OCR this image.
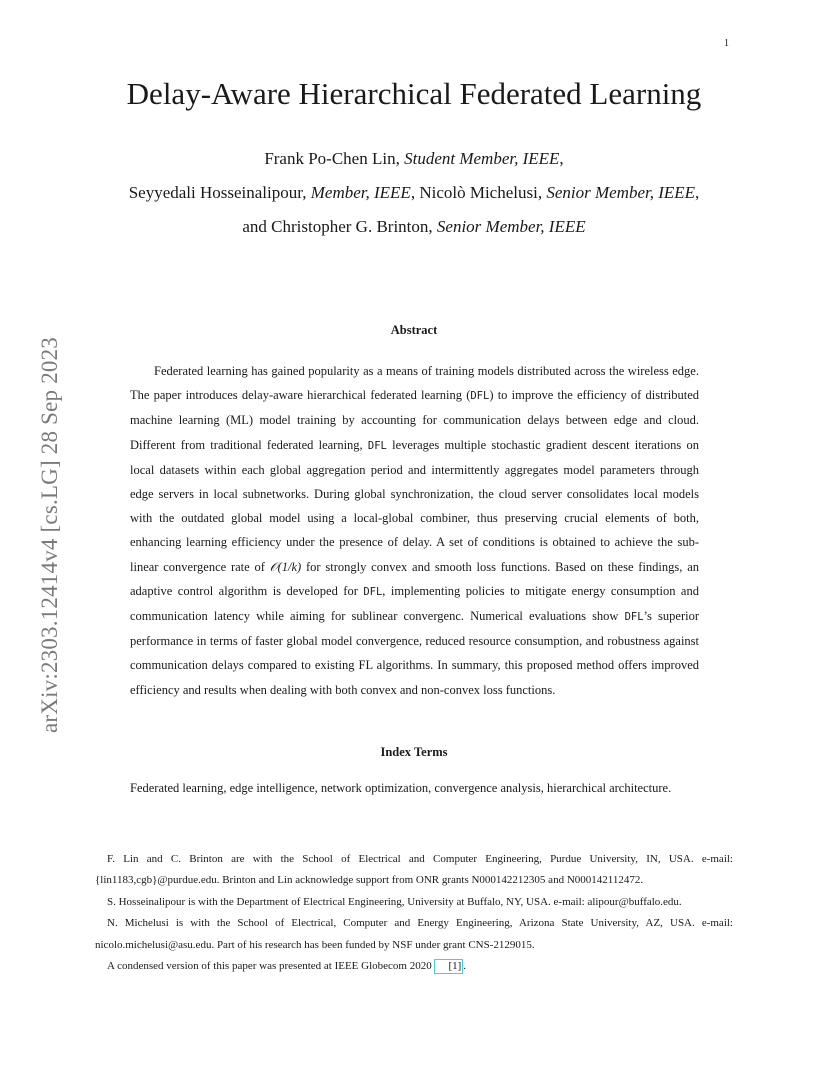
1
arXiv:2303.12414v4 [cs.LG] 28 Sep 2023
Delay-Aware Hierarchical Federated Learning
Frank Po-Chen Lin, Student Member, IEEE,
Seyyedali Hosseinalipour, Member, IEEE, Nicolò Michelusi, Senior Member, IEEE,
and Christopher G. Brinton, Senior Member, IEEE
Abstract

Federated learning has gained popularity as a means of training models distributed across the wireless edge. The paper introduces delay-aware hierarchical federated learning (DFL) to improve the efficiency of distributed machine learning (ML) model training by accounting for communication delays between edge and cloud. Different from traditional federated learning, DFL leverages multiple stochastic gradient descent iterations on local datasets within each global aggregation period and intermittently aggregates model parameters through edge servers in local subnetworks. During global synchronization, the cloud server consolidates local models with the outdated global model using a local-global combiner, thus preserving crucial elements of both, enhancing learning efficiency under the presence of delay. A set of conditions is obtained to achieve the sub-linear convergence rate of 𝒪(1/k) for strongly convex and smooth loss functions. Based on these findings, an adaptive control algorithm is developed for DFL, implementing policies to mitigate energy consumption and communication latency while aiming for sublinear convergenc. Numerical evaluations show DFL’s superior performance in terms of faster global model convergence, reduced resource consumption, and robustness against communication delays compared to existing FL algorithms. In summary, this proposed method offers improved efficiency and results when dealing with both convex and non-convex loss functions.

Index Terms

Federated learning, edge intelligence, network optimization, convergence analysis, hierarchical architecture.

F. Lin and C. Brinton are with the School of Electrical and Computer Engineering, Purdue University, IN, USA. e-mail: {lin1183,cgb}@purdue.edu. Brinton and Lin acknowledge support from ONR grants N000142212305 and N000142112472.

S. Hosseinalipour is with the Department of Electrical Engineering, University at Buffalo, NY, USA. e-mail: alipour@buffalo.edu.

N. Michelusi is with the School of Electrical, Computer and Energy Engineering, Arizona State University, AZ, USA. e-mail: nicolo.michelusi@asu.edu. Part of his research has been funded by NSF under grant CNS-2129015.

A condensed version of this paper was presented at IEEE Globecom 2020 [1] .
